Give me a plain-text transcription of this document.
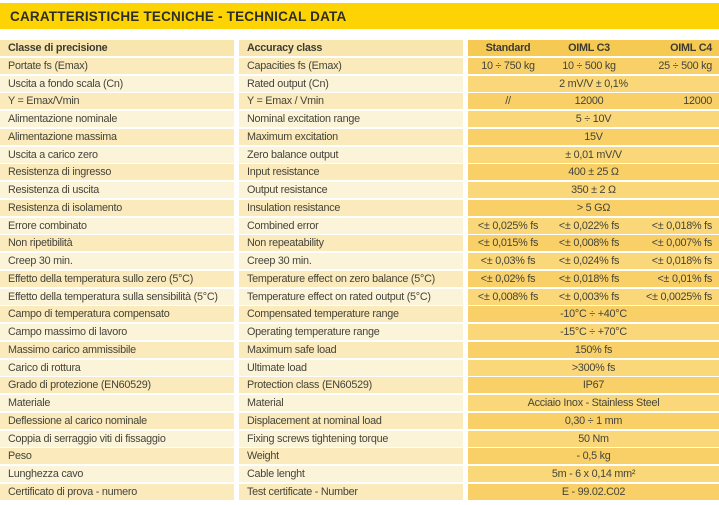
CARATTERISTICHE TECNICHE - TECHNICAL DATA
Classe di precisione	Accuracy class	Standard	OIML C3	OIML C4
Portate fs (Emax)	Capacities fs (Emax)	10 ÷ 750 kg	10 ÷ 500 kg	25 ÷ 500 kg
Uscita a fondo scala (Cn)	Rated output (Cn)	2 mV/V ± 0,1%
Y = Emax/Vmin	Y = Emax / Vmin	//	12000	12000
Alimentazione nominale	Nominal excitation range	5 ÷ 10V
Alimentazione massima	Maximum excitation	15V
Uscita a carico zero	Zero balance output	± 0,01 mV/V
Resistenza di ingresso	Input resistance	400 ± 25 Ω
Resistenza di uscita	Output resistance	350 ± 2 Ω
Resistenza di isolamento	Insulation resistance	> 5 GΩ
Errore combinato	Combined error	<± 0,025% fs	<± 0,022% fs	<± 0,018% fs
Non ripetibilità	Non repeatability	<± 0,015% fs	<± 0,008% fs	<± 0,007% fs
Creep 30 min.	Creep 30 min.	<± 0,03% fs	<± 0,024% fs	<± 0,018% fs
Effetto della temperatura sullo zero (5°C)	Temperature effect on zero balance (5°C)	<± 0,02% fs	<± 0,018% fs	<± 0,01% fs
Effetto della temperatura sulla sensibilità (5°C)	Temperature effect on rated output (5°C)	<± 0,008% fs	<± 0,003% fs	<± 0,0025% fs
Campo di temperatura compensato	Compensated temperature range	-10°C ÷ +40°C
Campo massimo di lavoro	Operating temperature range	-15°C ÷ +70°C
Massimo carico ammissibile	Maximum safe load	150% fs
Carico di rottura	Ultimate load	>300% fs
Grado di protezione (EN60529)	Protection class (EN60529)	IP67
Materiale	Material	Acciaio Inox - Stainless Steel
Deflessione al carico nominale	Displacement at nominal load	0,30 ÷ 1 mm
Coppia di serraggio viti di fissaggio	Fixing screws tightening torque	50 Nm
Peso	Weight	- 0,5 kg
Lunghezza cavo	Cable lenght	5m - 6 x 0,14 mm²
Certificato di prova - numero	Test certificate - Number	E - 99.02.C02
